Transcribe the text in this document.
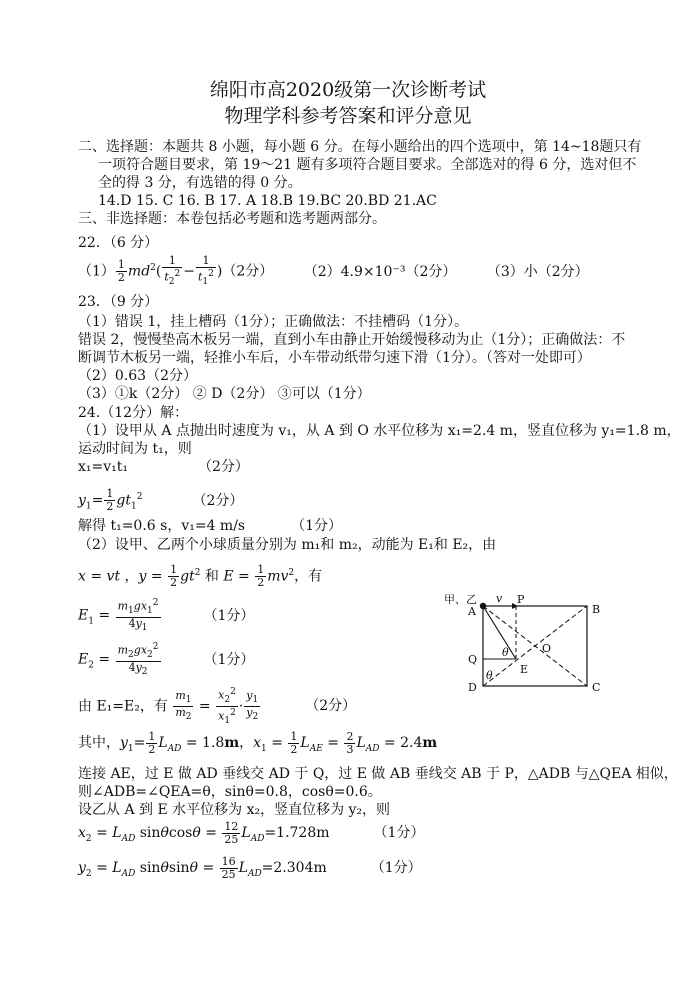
绵阳市高2020级第一次诊断考试
物理学科参考答案和评分意见
二、选择题：本题共 8 小题，每小题 6 分。在每小题给出的四个选项中，第 14~18题只有
一项符合题目要求，第 19～21 题有多项符合题目要求。全部选对的得 6 分，选对但不
全的得 3 分，有选错的得 0 分。
14.D 15. C 16. B 17. A 18.B 19.BC 20.BD 21.AC
三、非选择题：本卷包括必考题和选考题两部分。
22．（6 分）
$(1) \frac{1}{2} md^2( \frac{1}{t_2^2} - \frac{1}{t_1^2} )(2$分） （2）4.9×10⁻³（2分） （3）小（2分）
23．（9 分）
（1）错误 1，挂上槽码（1分）；正确做法：不挂槽码（1分）。
错误 2，慢慢垫高木板另一端，直到小车由静止开始缓慢移动为止（1分）；正确做法：不
断调节木板另一端，轻推小车后，小车带动纸带匀速下滑（1分）。（答对一处即可）
（2）0.63（2分）
（3）①k（2分） ② D（2分） ③可以（1分）
24.（12分）解：
（1）设甲从 A 点抛出时速度为 v₁，从 A 到 O 水平位移为 x₁=2.4 m，竖直位移为 y₁=1.8 m，
运动时间为 t₁，则
x₁=v₁t₁	（2分）
$y_1= \frac{1}{2} gt_1^2$	（2分）
解得 t₁=0.6 s，v₁=4 m/s	（1分）
（2）设甲、乙两个小球质量分别为 m₁和 m₂，动能为 E₁和 E₂，由
x = vt ，$y = \frac{1}{2} gt^2$ 和 $E = \frac{1}{2} mv^2$，有
$E_1 = \frac{m_1gx_1^2}{4y_1}$	（1分）
$E_2 = \frac{m_2gx_2^2}{4y_2}$	（1分）
由 E₁=E₂，有 $\frac{m_1}{m_2} = \frac{x_2^2}{x_1^2} \cdot \frac{y_1}{y_2}$	（2分）
其中，$y_1= \frac{1}{2} L_{AD} = 1.8m$，$x_1 = \frac{1}{2} L_{AE} = \frac{2}{3} L_{AD} = 2.4m$
连接 AE，过 E 做 AD 垂线交 AD 于 Q，过 E 做 AB 垂线交 AB 于 P，△ADB 与△QEA 相似，
则∠ADB=∠QEA=θ，sinθ=0.8，cosθ=0.6。
设乙从 A 到 E 水平位移为 x₂，竖直位移为 y₂，则
$x_2 = L_{AD}$ $\sin\theta\cos\theta = \frac{12}{25} L_{AD}=1.728m$	（1分）
$y_2 = L_{AD}$ $\sin\theta\sin\theta = \frac{16}{25} L_{AD}=2.304m$	（1分）
甲、乙 v
A	B
C
D
P
Q
O
E
θ
θ
